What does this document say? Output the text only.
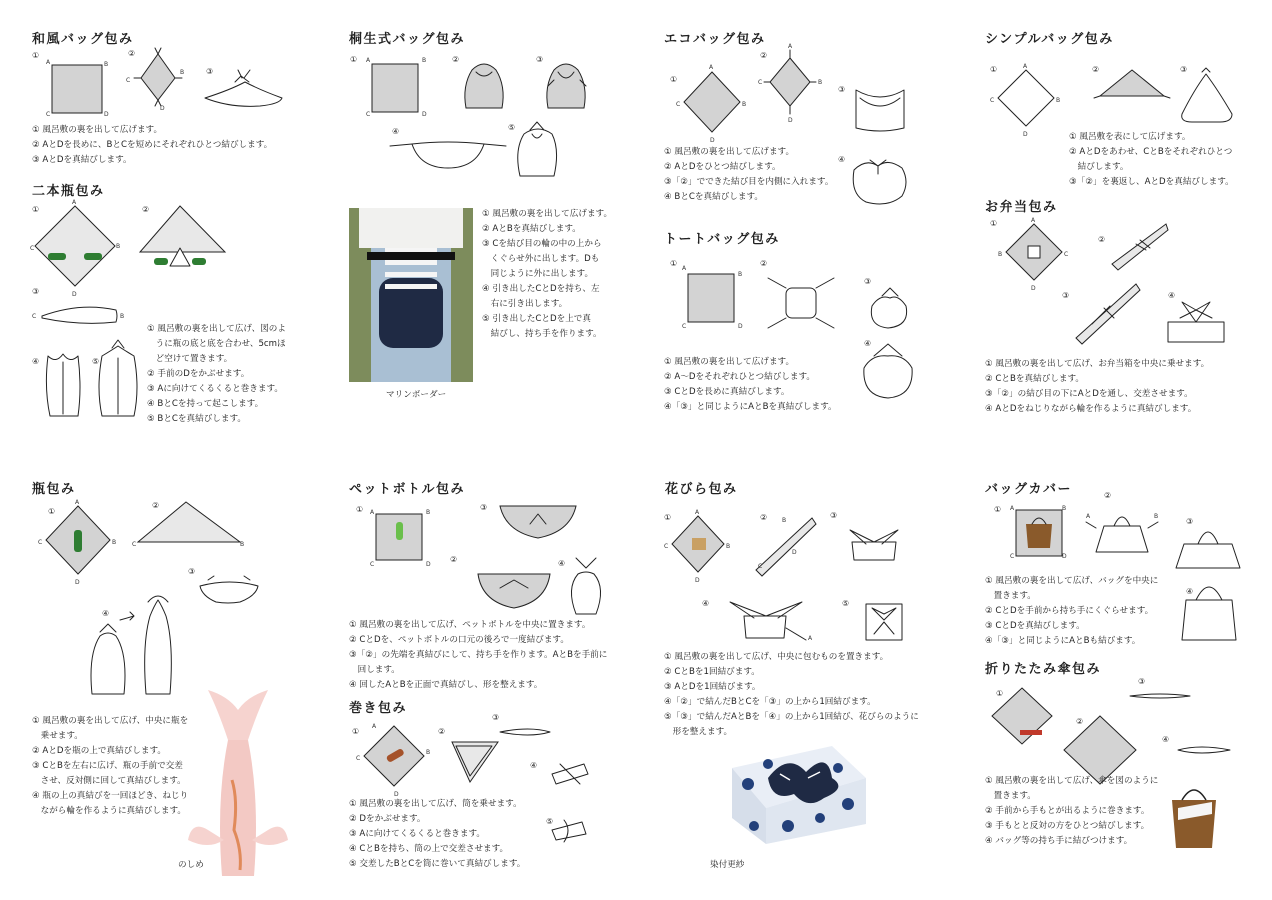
和風バッグ包み
①
A	B
C	D
②
C
B
D
③
① 風呂敷の裏を出して広げます。
② AとDを長めに、BとCを短めにそれぞれひとつ結びします。
③ AとDを真結びします。
二本瓶包み
①
A
C	B
D
②
③
C	B
④	⑤
① 風呂敷の裏を出して広げ、図のよ
　うに瓶の底と底を合わせ、5cmほ
　ど空けて置きます。
② 手前のDをかぶせます。
③ Aに向けてくるくると巻きます。
④ BとCを持って起こします。
⑤ BとCを真結びします。
桐生式バッグ包み
① A	B
C	D
②	③
④	⑤
マリンボーダー
① 風呂敷の裏を出して広げます。
② AとBを真結びします。
③ Cを結び目の輪の中の上から
　くぐらせ外に出します。Dも
　同じように外に出します。
④ 引き出したCとDを持ち、左
　右に引き出します。
⑤ 引き出したCとDを上で真
　結びし、持ち手を作ります。
エコバッグ包み
①
A
C	B
D
②
A
C	B
D
③
④
① 風呂敷の裏を出して広げます。
② AとDをひとつ結びします。
③「②」でできた結び目を内側に入れます。
④ BとCを真結びします。
トートバッグ包み
①
A
B
C	D
②
③
④
① 風呂敷の裏を出して広げます。
② A～Dをそれぞれひとつ結びします。
③ CとDを長めに真結びします。
④「③」と同じようにAとBを真結びします。
シンプルバッグ包み
①	A
C	B
D
②	③
① 風呂敷を表にして広げます。
② AとDをあわせ、CとBをそれぞれひとつ
　結びします。
③「②」を裏返し、AとDを真結びします。
お弁当包み
①	A
B	C
D
②
③	④
① 風呂敷の裏を出して広げ、お弁当箱を中央に乗せます。
② CとBを真結びします。
③「②」の結び目の下にAとDを通し、交差させます。
④ AとDをねじりながら輪を作るように真結びします。
瓶包み
①
A
C	B
D
②
C	B
③
④
のしめ
① 風呂敷の裏を出して広げ、中央に瓶を
　乗せます。
② AとDを瓶の上で真結びします。
③ CとBを左右に広げ、瓶の手前で交差
　させ、反対側に回して真結びします。
④ 瓶の上の真結びを一回ほどき、ねじり
　ながら輪を作るように真結びします。
ペットボトル包み
① A	B
C	D
③
②	④
① 風呂敷の裏を出して広げ、ペットボトルを中央に置きます。
② CとDを、ペットボトルの口元の後ろで一度結びます。
③「②」の先端を真結びにして、持ち手を作ります。AとBを手前に
　回します。
④ 回したAとBを正面で真結びし、形を整えます。
巻き包み
①
A
B
C
D
②
③
④
⑤
① 風呂敷の裏を出して広げ、筒を乗せます。
② Dをかぶせます。
③ Aに向けてくるくると巻きます。
④ CとBを持ち、筒の上で交差させます。
⑤ 交差したBとCを筒に巻いて真結びします。
花びら包み
①
A
C	B
D
② B
C
D
③
④
A
⑤
① 風呂敷の裏を出して広げ、中央に包むものを置きます。
② CとBを1回結びます。
③ AとDを1回結びます。
④「②」で結んだBとCを「③」の上から1回結びます。
⑤「③」で結んだAとBを「④」の上から1回結び、花びらのように
　形を整えます。
染付更紗
バッグカバー
① A	B
C	D
②
A	B
③
④
① 風呂敷の裏を出して広げ、バッグを中央に
　置きます。
② CとDを手前から持ち手にくぐらせます。
③ CとDを真結びします。
④「③」と同じようにAとBも結びます。
折りたたみ傘包み
①
②
③
④
① 風呂敷の裏を出して広げ、傘を図のように
　置きます。
② 手前から手もとが出るように巻きます。
③ 手もとと反対の方をひとつ結びします。
④ バッグ等の持ち手に結びつけます。
